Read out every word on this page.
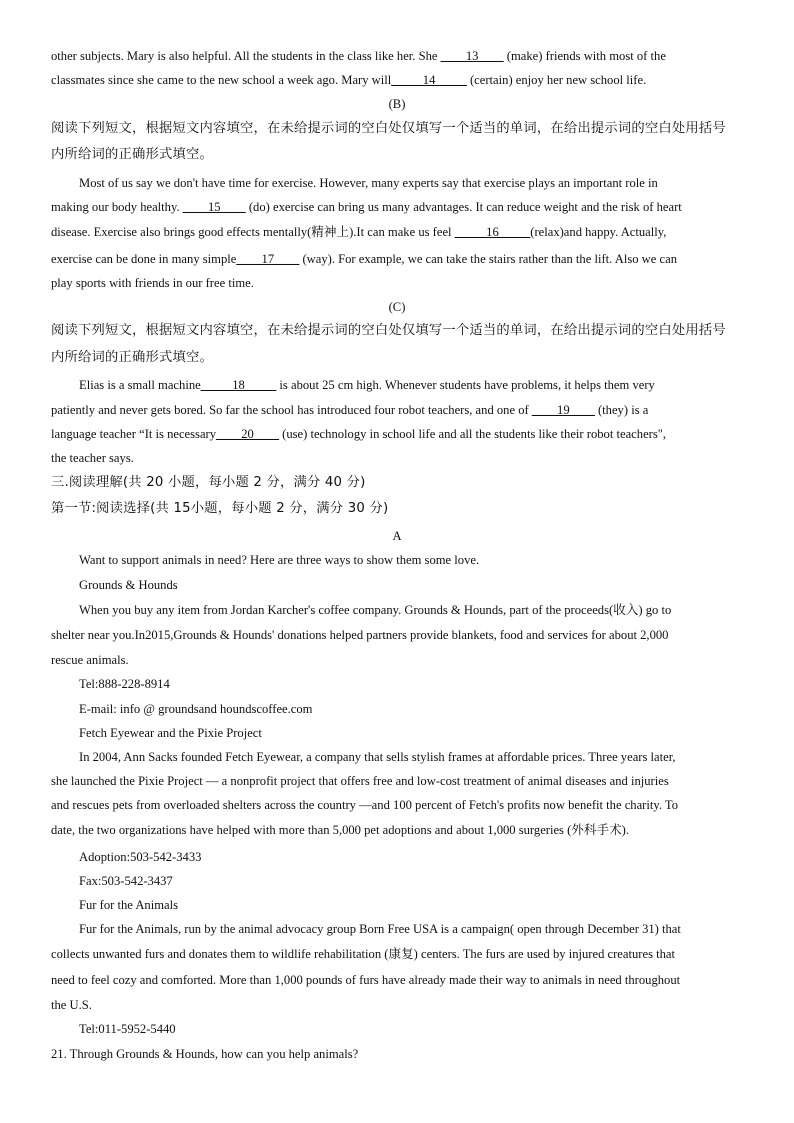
other subjects. Mary is also helpful. All the students in the class like her. She ____13____ (make) friends with most of the
classmates since she came to the new school a week ago. Mary will_____14_____ (certain) enjoy her new school life.
(B)
阅读下列短文，根据短文内容填空，在未给提示词的空白处仅填写一个适当的单词，在给出提示词的空白处用括号
内所给词的正确形式填空。
Most of us say we don't have time for exercise. However, many experts say that exercise plays an important role in
making our body healthy. ____15____ (do) exercise can bring us many advantages. It can reduce weight and the risk of heart
disease. Exercise also brings good effects mentally(精神上).It can make us feel _____16_____(relax)and happy. Actually,
exercise can be done in many simple____17____ (way). For example, we can take the stairs rather than the lift. Also we can
play sports with friends in our free time.
(C)
阅读下列短文，根据短文内容填空，在未给提示词的空白处仅填写一个适当的单词，在给出提示词的空白处用括号
内所给词的正确形式填空。
Elias is a small machine_____18_____ is about 25 cm high. Whenever students have problems, it helps them very
patiently and never gets bored. So far the school has introduced four robot teachers, and one of ____19____ (they) is a
language teacher “It is necessary____20____ (use) technology in school life and all the students like their robot teachers",
the teacher says.
三.阅读理解(共 20 小题，每小题 2 分，满分 40 分)
第一节:阅读选择(共 15小题，每小题 2 分，满分 30 分)
A
Want to support animals in need? Here are three ways to show them some love.
Grounds & Hounds
When you buy any item from Jordan Karcher's coffee company. Grounds & Hounds, part of the proceeds(收入) go to
shelter near you.In2015,Grounds & Hounds' donations helped partners provide blankets, food and services for about 2,000
rescue animals.
Tel:888-228-8914
E-mail: info @ groundsand houndscoffee.com
Fetch Eyewear and the Pixie Project
In 2004, Ann Sacks founded Fetch Eyewear, a company that sells stylish frames at affordable prices. Three years later,
she launched the Pixie Project — a nonprofit project that offers free and low-cost treatment of animal diseases and injuries
and rescues pets from overloaded shelters across the country —and 100 percent of Fetch's profits now benefit the charity. To
date, the two organizations have helped with more than 5,000 pet adoptions and about 1,000 surgeries (外科手术).
Adoption:503-542-3433
Fax:503-542-3437
Fur for the Animals
Fur for the Animals, run by the animal advocacy group Born Free USA is a campaign( open through December 31) that
collects unwanted furs and donates them to wildlife rehabilitation (康复) centers. The furs are used by injured creatures that
need to feel cozy and comforted. More than 1,000 pounds of furs have already made their way to animals in need throughout
the U.S.
Tel:011-5952-5440
21. Through Grounds & Hounds, how can you help animals?
